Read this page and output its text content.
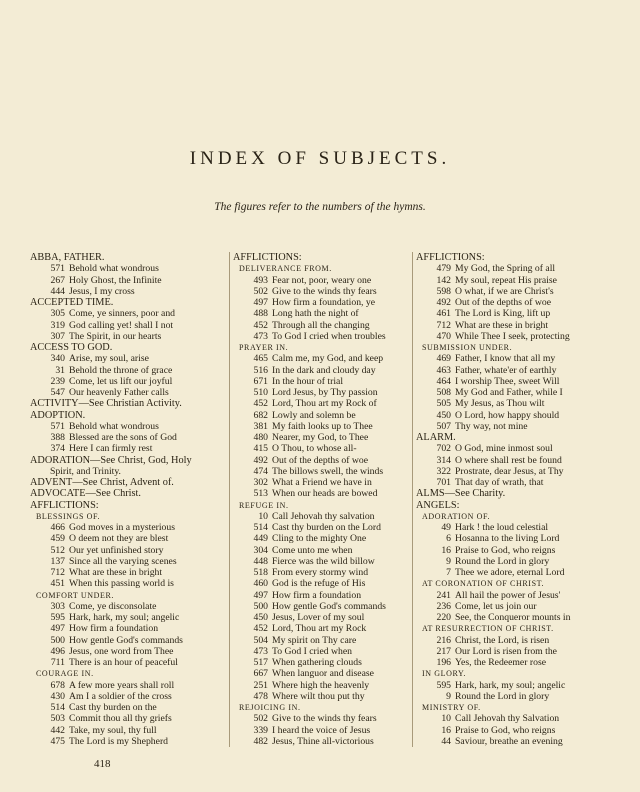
INDEX OF SUBJECTS.
The figures refer to the numbers of the hymns.
ABBA, FATHER.
571 Behold what wondrous
267 Holy Ghost, the Infinite
444 Jesus, I my cross
ACCEPTED TIME.
305 Come, ye sinners, poor and
319 God calling yet! shall I not
307 The Spirit, in our hearts
ACCESS TO GOD.
340 Arise, my soul, arise
31 Behold the throne of grace
239 Come, let us lift our joyful
547 Our heavenly Father calls
ACTIVITY—See Christian Activity.
ADOPTION.
571 Behold what wondrous
388 Blessed are the sons of God
374 Here I can firmly rest
ADORATION—See Christ, God, Holy
Spirit, and Trinity.
ADVENT—See Christ, Advent of.
ADVOCATE—See Christ.
AFFLICTIONS:
BLESSINGS OF.
466 God moves in a mysterious
459 O deem not they are blest
512 Our yet unfinished story
137 Since all the varying scenes
712 What are these in bright
451 When this passing world is
COMFORT UNDER.
303 Come, ye disconsolate
595 Hark, hark, my soul; angelic
497 How firm a foundation
500 How gentle God's commands
496 Jesus, one word from Thee
711 There is an hour of peaceful
COURAGE IN.
678 A few more years shall roll
430 Am I a soldier of the cross
514 Cast thy burden on the
503 Commit thou all thy griefs
442 Take, my soul, thy full
475 The Lord is my Shepherd
AFFLICTIONS:
DELIVERANCE FROM.
493 Fear not, poor, weary one
502 Give to the winds thy fears
497 How firm a foundation, ye
488 Long hath the night of
452 Through all the changing
473 To God I cried when troubles
PRAYER IN.
465 Calm me, my God, and keep
516 In the dark and cloudy day
671 In the hour of trial
510 Lord Jesus, by Thy passion
452 Lord, Thou art my Rock of
682 Lowly and solemn be
381 My faith looks up to Thee
480 Nearer, my God, to Thee
415 O Thou, to whose all-
492 Out of the depths of woe
474 The billows swell, the winds
302 What a Friend we have in
513 When our heads are bowed
REFUGE IN.
10 Call Jehovah thy salvation
514 Cast thy burden on the Lord
449 Cling to the mighty One
304 Come unto me when
448 Fierce was the wild billow
518 From every stormy wind
460 God is the refuge of His
497 How firm a foundation
500 How gentle God's commands
450 Jesus, Lover of my soul
452 Lord, Thou art my Rock
504 My spirit on Thy care
473 To God I cried when
517 When gathering clouds
667 When languor and disease
251 Where high the heavenly
478 Where wilt thou put thy
REJOICING IN.
502 Give to the winds thy fears
339 I heard the voice of Jesus
482 Jesus, Thine all-victorious
AFFLICTIONS:
479 My God, the Spring of all
142 My soul, repeat His praise
598 O what, if we are Christ's
492 Out of the depths of woe
461 The Lord is King, lift up
712 What are these in bright
470 While Thee I seek, protecting
SUBMISSION UNDER.
469 Father, I know that all my
463 Father, whate'er of earthly
464 I worship Thee, sweet Will
508 My God and Father, while I
505 My Jesus, as Thou wilt
450 O Lord, how happy should
507 Thy way, not mine
ALARM.
702 O God, mine inmost soul
314 O where shall rest be found
322 Prostrate, dear Jesus, at Thy
701 That day of wrath, that
ALMS—See Charity.
ANGELS:
ADORATION OF.
49 Hark ! the loud celestial
6 Hosanna to the living Lord
16 Praise to God, who reigns
9 Round the Lord in glory
7 Thee we adore, eternal Lord
AT CORONATION OF CHRIST.
241 All hail the power of Jesus'
236 Come, let us join our
220 See, the Conqueror mounts in
AT RESURRECTION OF CHRIST.
216 Christ, the Lord, is risen
217 Our Lord is risen from the
196 Yes, the Redeemer rose
IN GLORY.
595 Hark, hark, my soul; angelic
9 Round the Lord in glory
MINISTRY OF.
10 Call Jehovah thy Salvation
16 Praise to God, who reigns
44 Saviour, breathe an evening
418
